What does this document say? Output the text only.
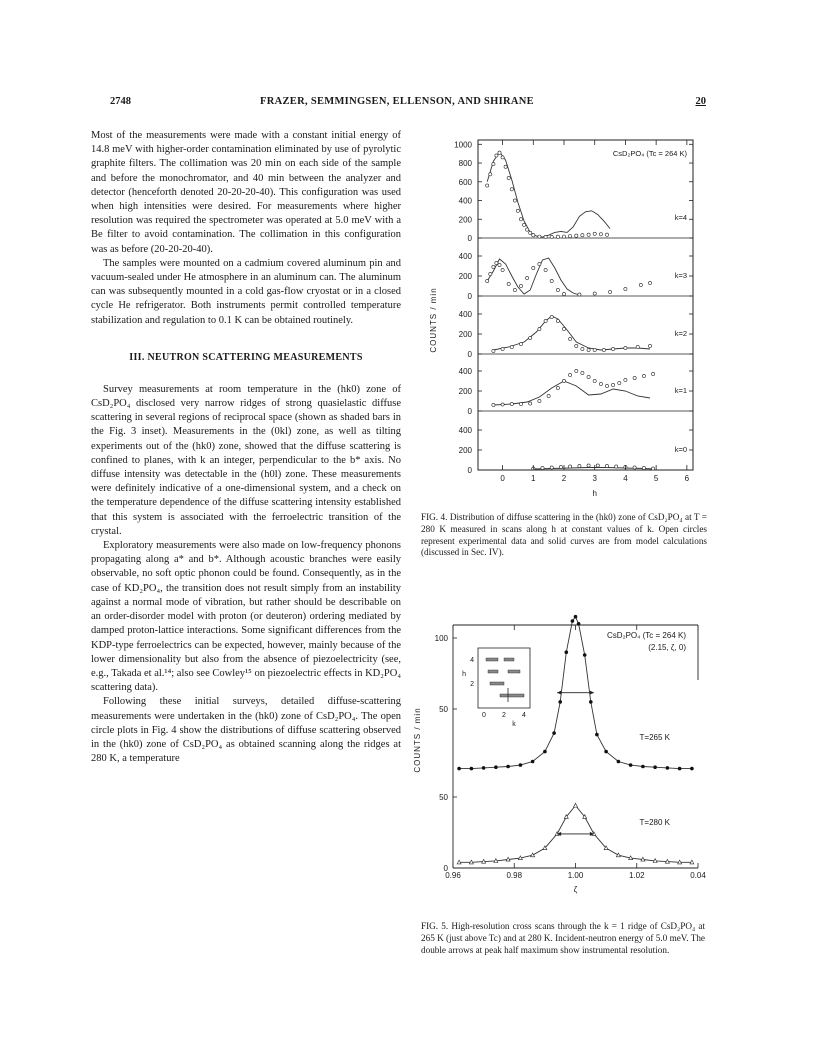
2748	FRAZER, SEMMINGSEN, ELLENSON, AND SHIRANE	20

Most of the measurements were made with a constant initial energy of 14.8 meV with higher-order contamination eliminated by use of pyrolytic graphite filters. The collimation was 20 min on each side of the sample and before the monochromator, and 40 min between the analyzer and detector (henceforth denoted 20-20-20-40). This configuration was used when high intensities were desired. For measurements where higher resolution was required the spectrometer was operated at 5.0 meV with a Be filter to avoid contamination. The collimation in this configuration was as before (20-20-20-40).

The samples were mounted on a cadmium covered aluminum pin and vacuum-sealed under He atmosphere in an aluminum can. The aluminum can was subsequently mounted in a cold gas-flow cryostat or in a closed cycle He refrigerator. Both instruments permit controlled temperature stabilization and regulation to 0.1 K can be obtained routinely.

III. NEUTRON SCATTERING MEASUREMENTS

Survey measurements at room temperature in the (hk0) zone of CsD₂PO₄ disclosed very narrow ridges of strong quasielastic diffuse scattering in several regions of reciprocal space (shown as shaded bars in the Fig. 3 inset). Measurements in the (0kl) zone, as well as tilting experiments out of the (hk0) zone, showed that the diffuse scattering is confined to planes, with k an integer, perpendicular to the b* axis. No diffuse intensity was detectable in the (h0l) zone. These measurements were definitely indicative of a one-dimensional system, and a check on the temperature dependence of the diffuse scattering intensity established that this system is associated with the ferroelectric transition of the crystal.

Exploratory measurements were also made on low-frequency phonons propagating along a* and b*. Although acoustic branches were easily observable, no soft optic phonon could be found. Consequently, as in the case of KD₂PO₄, the transition does not result simply from an instability against a normal mode of vibration, but rather should be describable on an order-disorder model with proton (or deuteron) ordering mediated by damped proton-lattice interactions. Some significant differences from the KDP-type ferroelectrics can be expected, however, mainly because of the lower dimensionality but also from the absence of piezoelectricity (see, e.g., Takada et al.¹⁴; also see Cowley¹⁵ on piezoelectric effects in KD₂PO₄ scattering data).

Following these initial surveys, detailed diffuse-scattering measurements were undertaken in the (hk0) zone of CsD₂PO₄. The open circle plots in Fig. 4 show the distributions of diffuse scattering observed in the (hk0) zone of CsD₂PO₄ as obtained scanning along the ridges at 280 K, a temperature

0
200
400
600
800
1000
k=4
0
200
400
k=3
0
200
400
k=2
0
200
400
k=1
0
200
400
k=0
0	1	2	3	4	5	6
h
CsD₂PO₄ (Tc = 264 K)
COUNTS / min
FIG. 4. Distribution of diffuse scattering in the (hk0) zone of CsD₂PO₄ at T = 280 K measured in scans along h at constant values of k. Open circles represent experimental data and solid curves are from model calculations (discussed in Sec. IV).
50
100
0
50
T=265 K
T=280 K
0.96	0.98	1.00	1.02	0.04
ζ
CsD₂PO₄ (Tc = 264 K)
(2.15, ζ, 0)
COUNTS / min
4
2
h
0 2 4
k
FIG. 5. High-resolution cross scans through the k = 1 ridge of CsD₂PO₄ at 265 K (just above Tc) and at 280 K. Incident-neutron energy of 5.0 meV. The double arrows at peak half maximum show instrumental resolution.
